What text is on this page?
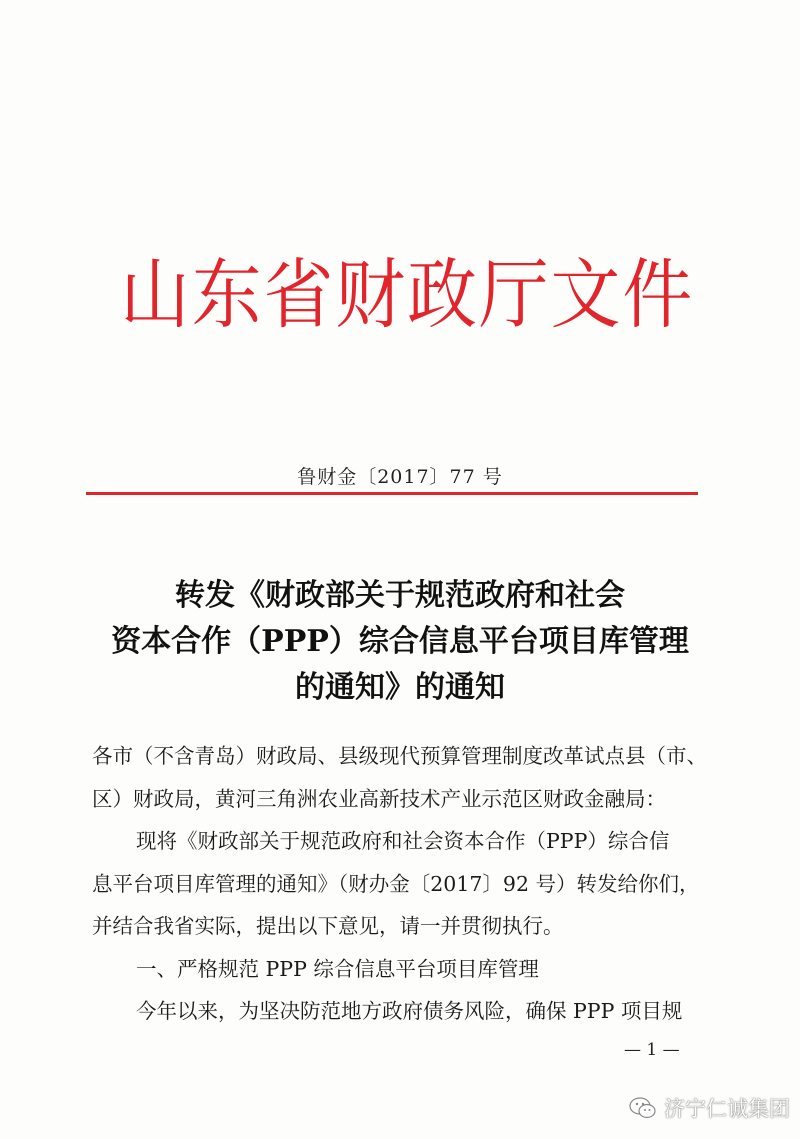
山东省财政厅文件
鲁财金〔2017〕77 号
转发《财政部关于规范政府和社会
资本合作（PPP）综合信息平台项目库管理
的通知》的通知
各市（不含青岛）财政局、县级现代预算管理制度改革试点县（市、
区）财政局，黄河三角洲农业高新技术产业示范区财政金融局：
现将《财政部关于规范政府和社会资本合作（PPP）综合信
息平台项目库管理的通知》（财办金〔2017〕92 号）转发给你们，
并结合我省实际，提出以下意见，请一并贯彻执行。
一、严格规范 PPP 综合信息平台项目库管理
今年以来，为坚决防范地方政府债务风险，确保 PPP 项目规
— 1 —
济宁仁诚集团
